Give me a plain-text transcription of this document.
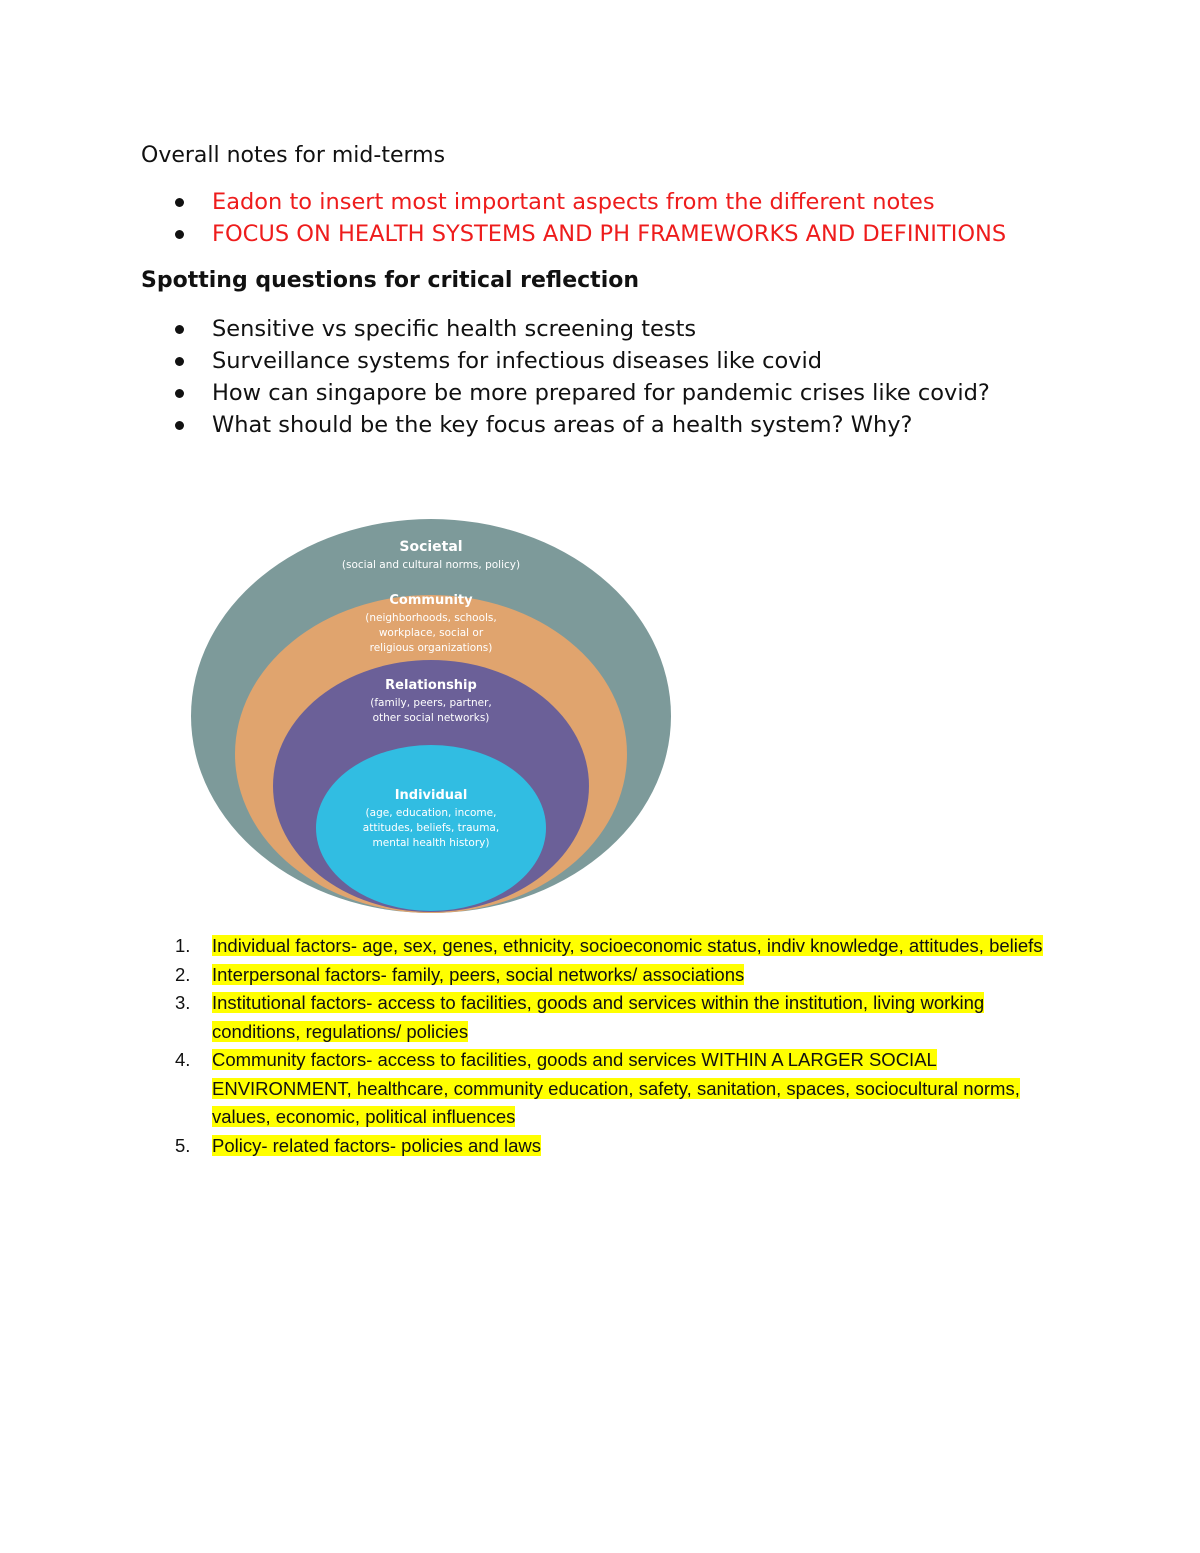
Overall notes for mid-terms
Eadon to insert most important aspects from the different notes
FOCUS ON HEALTH SYSTEMS AND PH FRAMEWORKS AND DEFINITIONS
Spotting questions for critical reflection
Sensitive vs specific health screening tests
Surveillance systems for infectious diseases like covid
How can singapore be more prepared for pandemic crises like covid?
What should be the key focus areas of a health system? Why?
Societal
(social and cultural norms, policy)
Community
(neighborhoods, schools,
workplace, social or
religious organizations)
Relationship
(family, peers, partner,
other social networks)
Individual
(age, education, income,
attitudes, beliefs, trauma,
mental health history)
1. Individual factors- age, sex, genes, ethnicity, socioeconomic status, indiv knowledge, attitudes, beliefs
2. Interpersonal factors- family, peers, social networks/ associations
3. Institutional factors- access to facilities, goods and services within the institution, living working conditions, regulations/ policies
4. Community factors- access to facilities, goods and services WITHIN A LARGER SOCIAL ENVIRONMENT, healthcare, community education, safety, sanitation, spaces, sociocultural norms, values, economic, political influences
5. Policy- related factors- policies and laws
